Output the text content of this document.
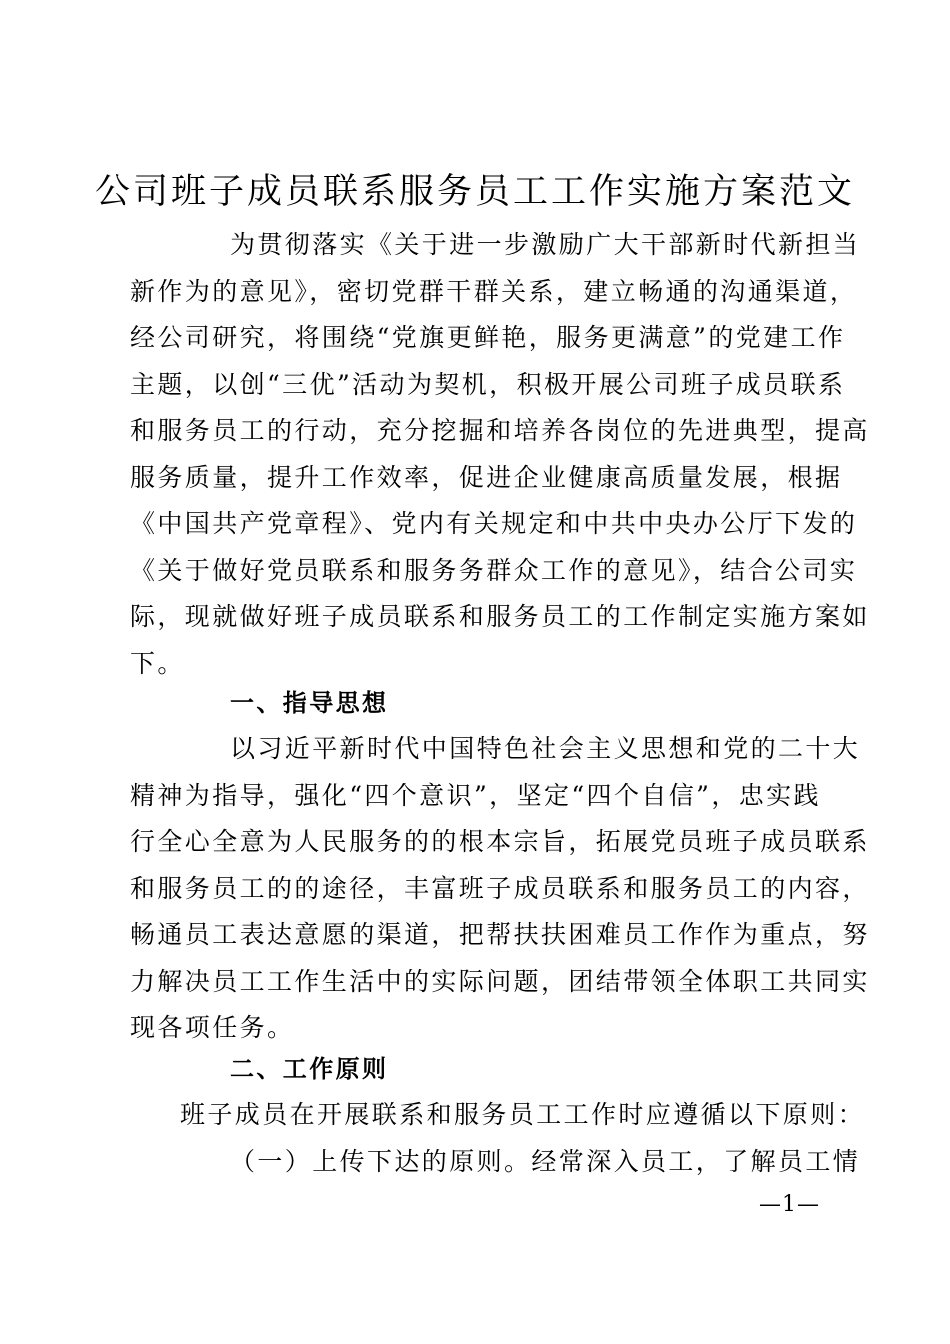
公司班子成员联系服务员工工作实施方案范文
为贯彻落实《关于进一步激励广大干部新时代新担当
新作为的意见》，密切党群干群关系，建立畅通的沟通渠道，
经公司研究，将围绕“党旗更鲜艳，服务更满意”的党建工作
主题，以创“三优”活动为契机，积极开展公司班子成员联系
和服务员工的行动，充分挖掘和培养各岗位的先进典型，提高
服务质量，提升工作效率，促进企业健康高质量发展，根据
《中国共产党章程》、党内有关规定和中共中央办公厅下发的
《关于做好党员联系和服务务群众工作的意见》，结合公司实
际，现就做好班子成员联系和服务员工的工作制定实施方案如
下。
一、指导思想
以习近平新时代中国特色社会主义思想和党的二十大
精神为指导，强化“四个意识”，坚定“四个自信”，忠实践
行全心全意为人民服务的的根本宗旨，拓展党员班子成员联系
和服务员工的的途径，丰富班子成员联系和服务员工的内容，
畅通员工表达意愿的渠道，把帮扶扶困难员工作作为重点，努
力解决员工工作生活中的实际问题，团结带领全体职工共同实
现各项任务。
二、工作原则
班子成员在开展联系和服务员工工作时应遵循以下原则：
（一）上传下达的原则。经常深入员工，了解员工情
—1—
